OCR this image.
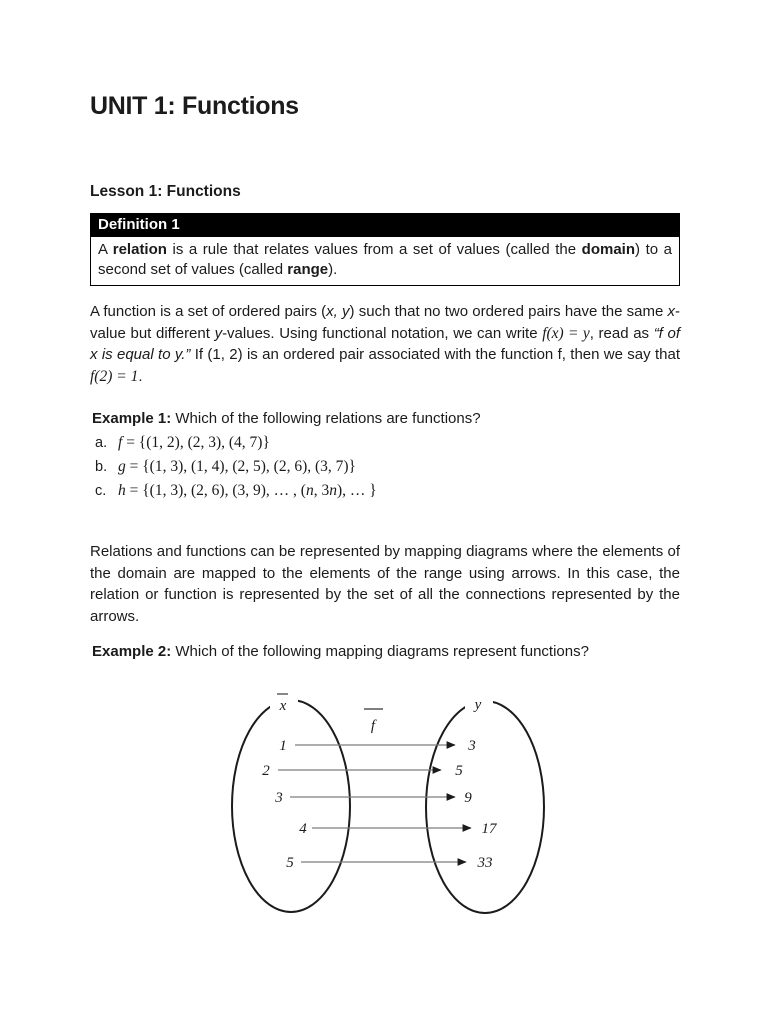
UNIT 1: Functions
Lesson 1: Functions
Definition 1
A relation is a rule that relates values from a set of values (called the domain) to a second set of values (called range).

A function is a set of ordered pairs (x, y) such that no two ordered pairs have the same x-value but different y-values. Using functional notation, we can write f(x) = y, read as “f of x is equal to y.” If (1, 2) is an ordered pair associated with the function f, then we say that f(2) = 1.

Example 1: Which of the following relations are functions?

a. f = {(1, 2), (2, 3), (4, 7)}
b. g = {(1, 3), (1, 4), (2, 5), (2, 6), (3, 7)}
c. h = {(1, 3), (2, 6), (3, 9), … , (n, 3n), … }

Relations and functions can be represented by mapping diagrams where the elements of the domain are mapped to the elements of the range using arrows. In this case, the relation or function is represented by the set of all the connections represented by the arrows.

Example 2: Which of the following mapping diagrams represent functions?

x
f
y
1
2
3
4
5
3
5
9
17
33
